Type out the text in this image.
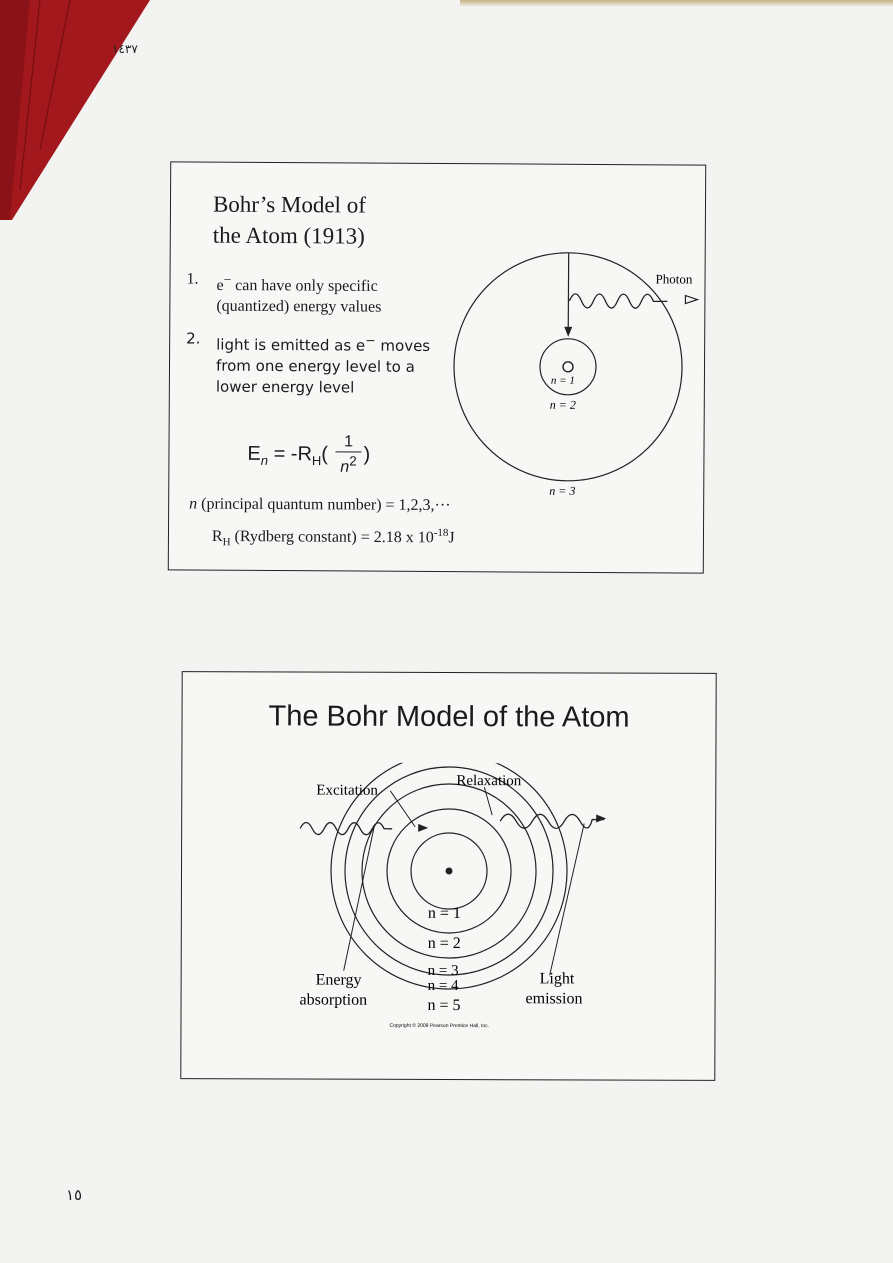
١٤٣٧
Bohr’s Model of
the Atom (1913)
1.	e− can have only specific (quantized) energy values
2.	light is emitted as e− moves from one energy level to a lower energy level
$E_n = -R_H( \frac{1}{n^2}$ )
n (principal quantum number) = 1,2,3,···
$R_H$ (Rydberg constant) = 2.18 x $10^{-18}J$
Photon
n = 1
n = 2
n = 3
The Bohr Model of the Atom
Excitation
Relaxation
n = 1
n = 2
n = 3
n = 4
n = 5
Energy
absorption
Light
emission
Copyright © 2009 Pearson Prentice Hall, Inc.
١٥
